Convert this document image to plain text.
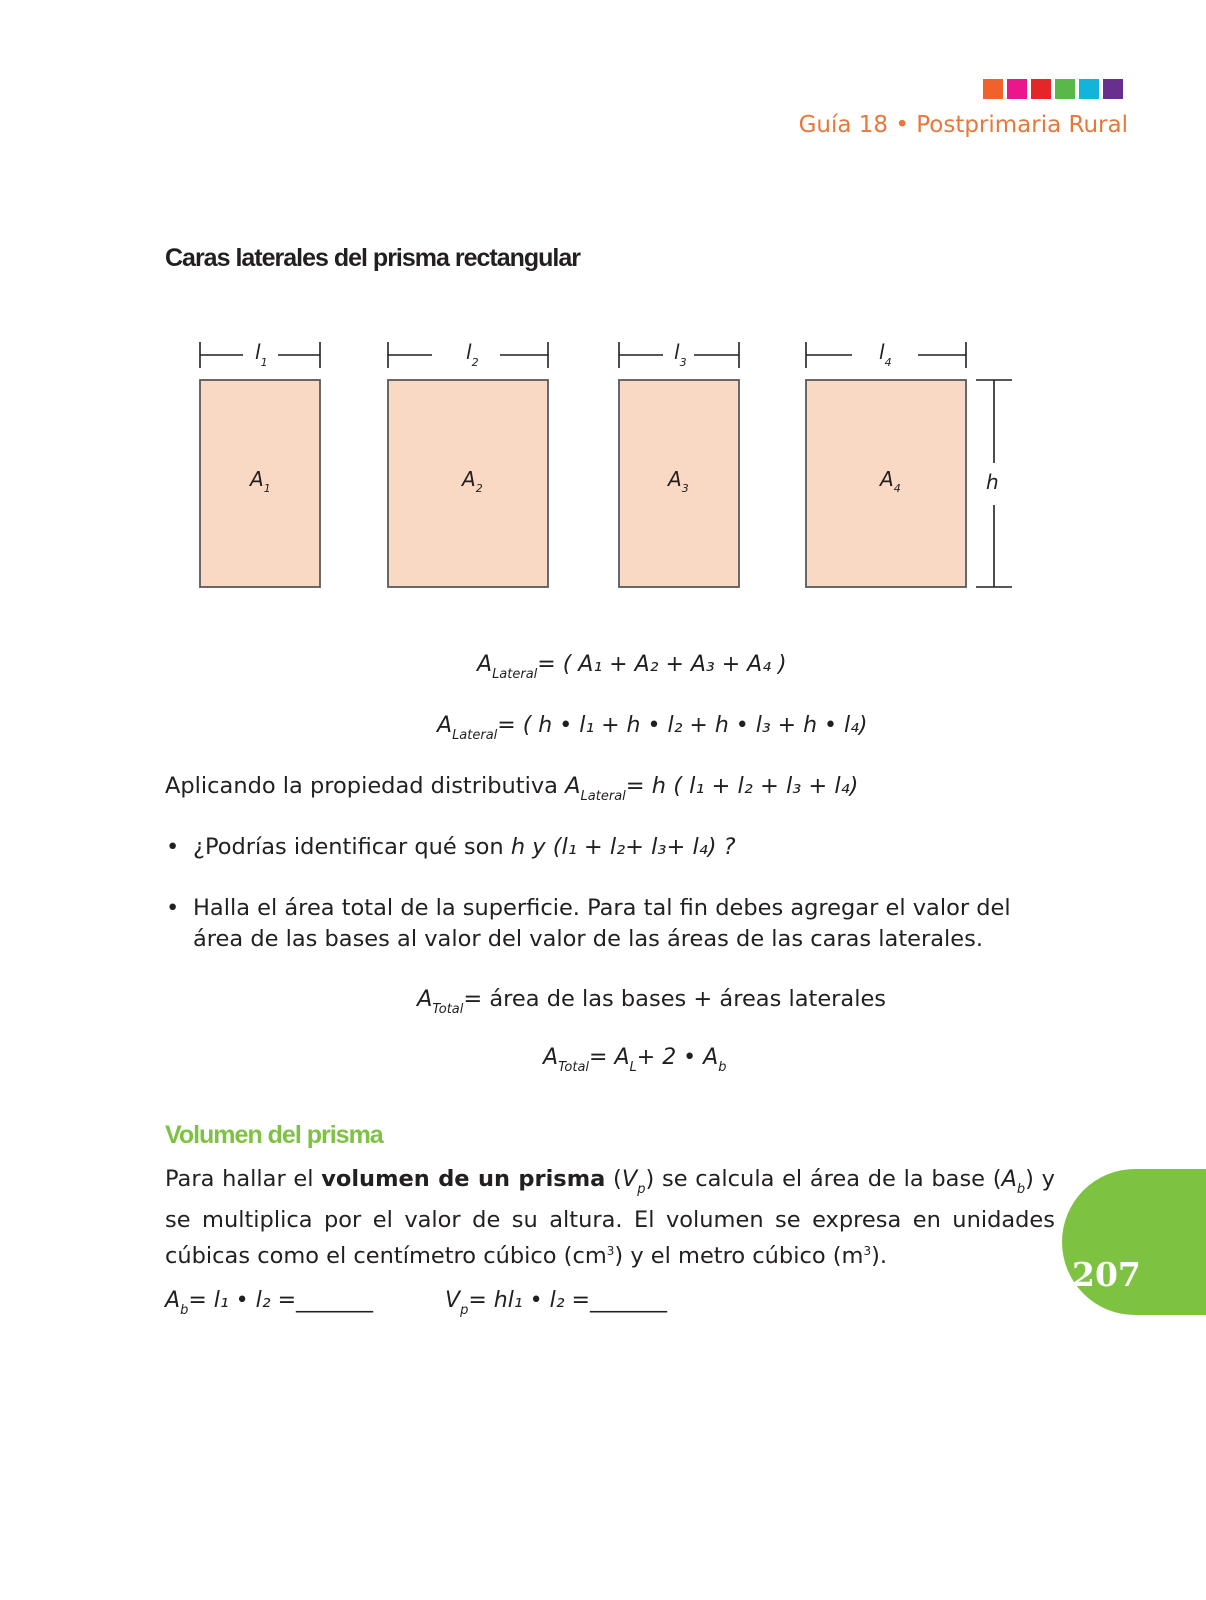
Guía 18 • Postprimaria Rural
Caras laterales del prisma rectangular
$l_1$	$l_2$	$l_3$	$l_4$
$A_1$	$A_2$	$A_3$	$A_4$	h
$A_{Lateral}=$ ( A₁ + A₂ + A₃ + A₄ )
$A_{Lateral}=$ ( h • l₁ + h • l₂ + h • l₃ + h • l₄)
Aplicando la propiedad distributiva $A_{Lateral}= h$ ( l₁ + l₂ + l₃ + l₄)
• ¿Podrías identificar qué son h y (l₁ + l₂+ l₃+ l₄) ?
• Halla el área total de la superficie. Para tal fin debes agregar el valor del área de las bases al valor del valor de las áreas de las caras laterales.
$A_{Total}=$ área de las bases + áreas laterales
$A_{Total}= A_L+ 2$ • $A_b$
Volumen del prisma
Para hallar el volumen de un prisma $(V_p)$ se calcula el área de la base $(A_b)$ y se multiplica por el valor de su altura. El volumen se expresa en unidades cúbicas como el centímetro cúbico $(cm^3)$ y el metro cúbico $(m^3)$.
$A_b= l_1$ • l₂ =_______	$V_p= hl_1$ • l₂ =_______
207
